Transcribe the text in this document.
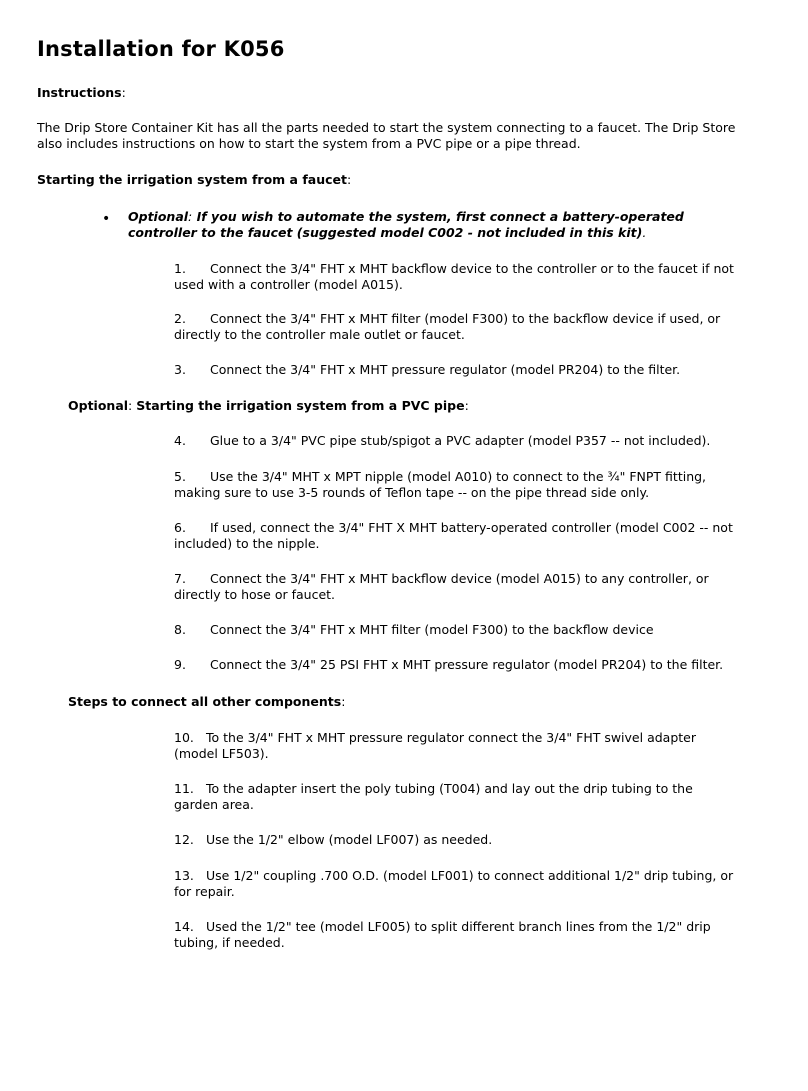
Installation for K056
Instructions:
The Drip Store Container Kit has all the parts needed to start the system connecting to a faucet. The Drip Store also includes instructions on how to start the system from a PVC pipe or a pipe thread.
Starting the irrigation system from a faucet:
• Optional: If you wish to automate the system, first connect a battery-operated controller to the faucet (suggested model C002 - not included in this kit).
1. Connect the 3/4" FHT x MHT backflow device to the controller or to the faucet if not used with a controller (model A015).
2. Connect the 3/4" FHT x MHT filter (model F300) to the backflow device if used, or directly to the controller male outlet or faucet.
3. Connect the 3/4" FHT x MHT pressure regulator (model PR204) to the filter.
Optional: Starting the irrigation system from a PVC pipe:
4. Glue to a 3/4" PVC pipe stub/spigot a PVC adapter (model P357 -- not included).
5. Use the 3/4" MHT x MPT nipple (model A010) to connect to the ¾" FNPT fitting, making sure to use 3-5 rounds of Teflon tape -- on the pipe thread side only.
6. If used, connect the 3/4" FHT X MHT battery-operated controller (model C002 -- not included) to the nipple.
7. Connect the 3/4" FHT x MHT backflow device (model A015) to any controller, or directly to hose or faucet.
8. Connect the 3/4" FHT x MHT filter (model F300) to the backflow device
9. Connect the 3/4" 25 PSI FHT x MHT pressure regulator (model PR204) to the filter.
Steps to connect all other components:
10. To the 3/4" FHT x MHT pressure regulator connect the 3/4" FHT swivel adapter (model LF503).
11. To the adapter insert the poly tubing (T004) and lay out the drip tubing to the garden area.
12. Use the 1/2" elbow (model LF007) as needed.
13. Use 1/2" coupling .700 O.D. (model LF001) to connect additional 1/2" drip tubing, or for repair.
14. Used the 1/2" tee (model LF005) to split different branch lines from the 1/2" drip tubing, if needed.
